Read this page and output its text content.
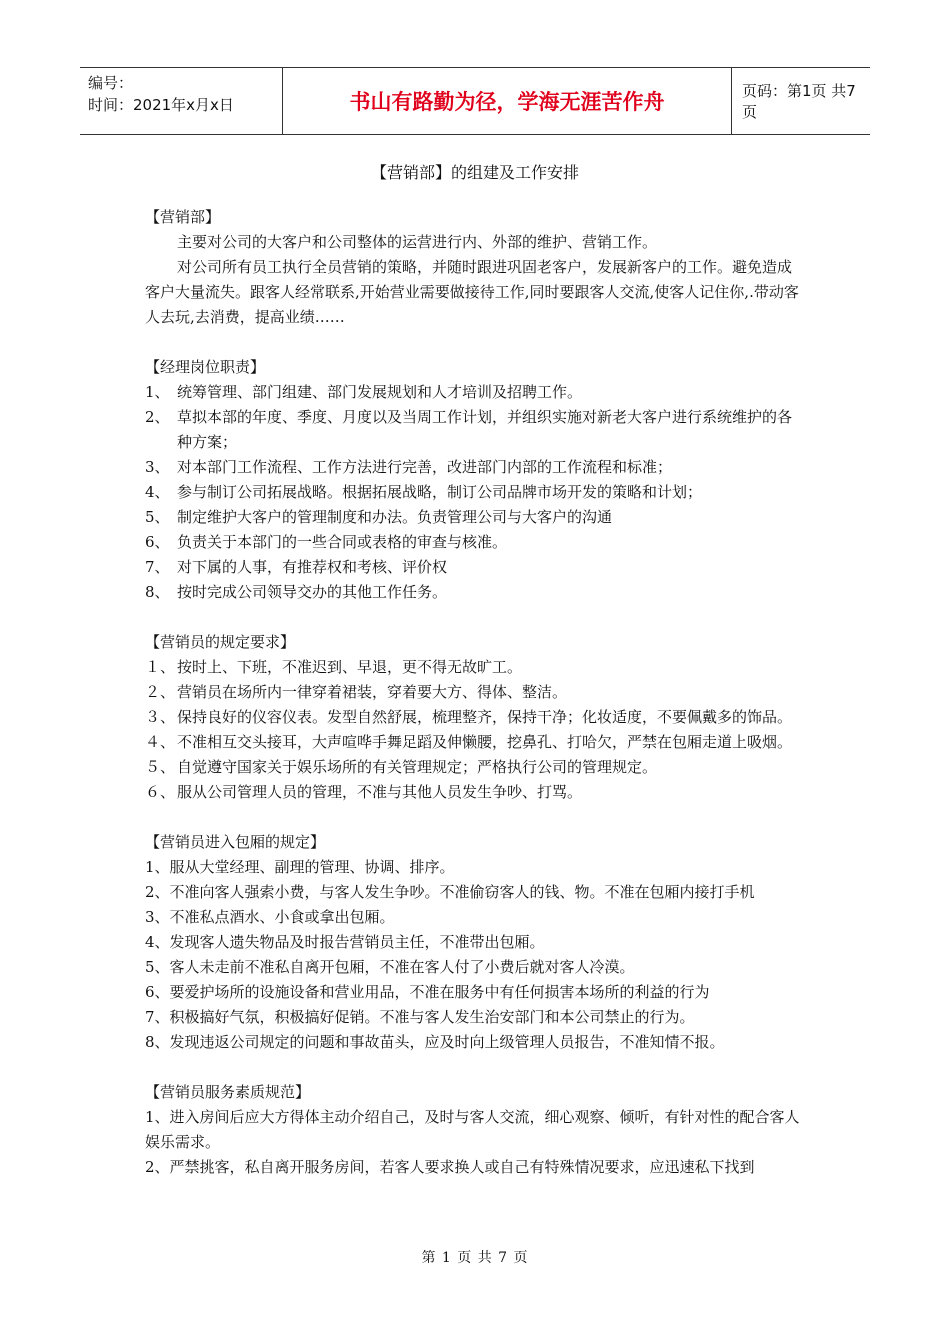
编号：
时间：2021年x月x日	书山有路勤为径，学海无涯苦作舟	页码：第1页 共7页
【营销部】的组建及工作安排
【营销部】
主要对公司的大客户和公司整体的运营进行内、外部的维护、营销工作。
对公司所有员工执行全员营销的策略，并随时跟进巩固老客户，发展新客户的工作。避免造成客户大量流失。跟客人经常联系,开始营业需要做接待工作,同时要跟客人交流,使客人记住你,.带动客人去玩,去消费，提高业绩……
【经理岗位职责】
1、 统筹管理、部门组建、部门发展规划和人才培训及招聘工作。
2、 草拟本部的年度、季度、月度以及当周工作计划，并组织实施对新老大客户进行系统维护的各种方案；
3、 对本部门工作流程、工作方法进行完善，改进部门内部的工作流程和标准；
4、 参与制订公司拓展战略。根据拓展战略，制订公司品牌市场开发的策略和计划；
5、 制定维护大客户的管理制度和办法。负责管理公司与大客户的沟通
6、 负责关于本部门的一些合同或表格的审查与核准。
7、 对下属的人事，有推荐权和考核、评价权
8、 按时完成公司领导交办的其他工作任务。
【营销员的规定要求】
１、 按时上、下班，不准迟到、早退，更不得无故旷工。
２、 营销员在场所内一律穿着裙装，穿着要大方、得体、整洁。
３、 保持良好的仪容仪表。发型自然舒展，梳理整齐，保持干净；化妆适度，不要佩戴多的饰品。
４、 不准相互交头接耳，大声喧哗手舞足蹈及伸懒腰，挖鼻孔、打哈欠，严禁在包厢走道上吸烟。
５、 自觉遵守国家关于娱乐场所的有关管理规定；严格执行公司的管理规定。
６、 服从公司管理人员的管理，不准与其他人员发生争吵、打骂。
【营销员进入包厢的规定】
1、服从大堂经理、副理的管理、协调、排序。
2、不准向客人强索小费，与客人发生争吵。不准偷窃客人的钱、物。不准在包厢内接打手机
3、不准私点酒水、小食或拿出包厢。
4、发现客人遗失物品及时报告营销员主任，不准带出包厢。
5、客人未走前不准私自离开包厢，不准在客人付了小费后就对客人冷漠。
6、要爱护场所的设施设备和营业用品，不准在服务中有任何损害本场所的利益的行为
7、积极搞好气氛，积极搞好促销。不准与客人发生治安部门和本公司禁止的行为。
8、发现违返公司规定的问题和事故苗头，应及时向上级管理人员报告，不准知情不报。
【营销员服务素质规范】
1、进入房间后应大方得体主动介绍自己，及时与客人交流，细心观察、倾听，有针对性的配合客人娱乐需求。
2、严禁挑客，私自离开服务房间，若客人要求换人或自己有特殊情况要求，应迅速私下找到
第 1 页 共 7 页
